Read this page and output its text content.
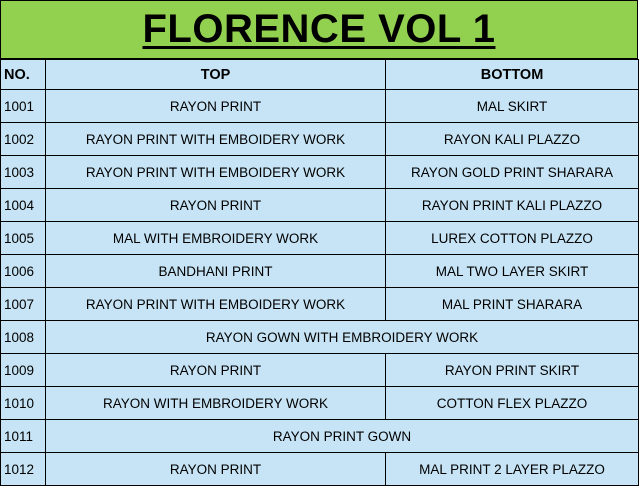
FLORENCE VOL 1
NO.	TOP	BOTTOM
1001	RAYON PRINT	MAL SKIRT
1002	RAYON PRINT WITH EMBOIDERY WORK	RAYON KALI PLAZZO
1003	RAYON PRINT WITH EMBOIDERY WORK	RAYON GOLD PRINT SHARARA
1004	RAYON PRINT	RAYON PRINT KALI PLAZZO
1005	MAL WITH EMBROIDERY WORK	LUREX COTTON PLAZZO
1006	BANDHANI PRINT	MAL TWO LAYER SKIRT
1007	RAYON PRINT WITH EMBOIDERY WORK	MAL PRINT SHARARA
1008	RAYON GOWN WITH EMBROIDERY WORK	
1009	RAYON PRINT	RAYON PRINT SKIRT
1010	RAYON WITH EMBROIDERY WORK	COTTON FLEX PLAZZO
1011	RAYON PRINT GOWN	
1012	RAYON PRINT	MAL PRINT 2 LAYER PLAZZO
